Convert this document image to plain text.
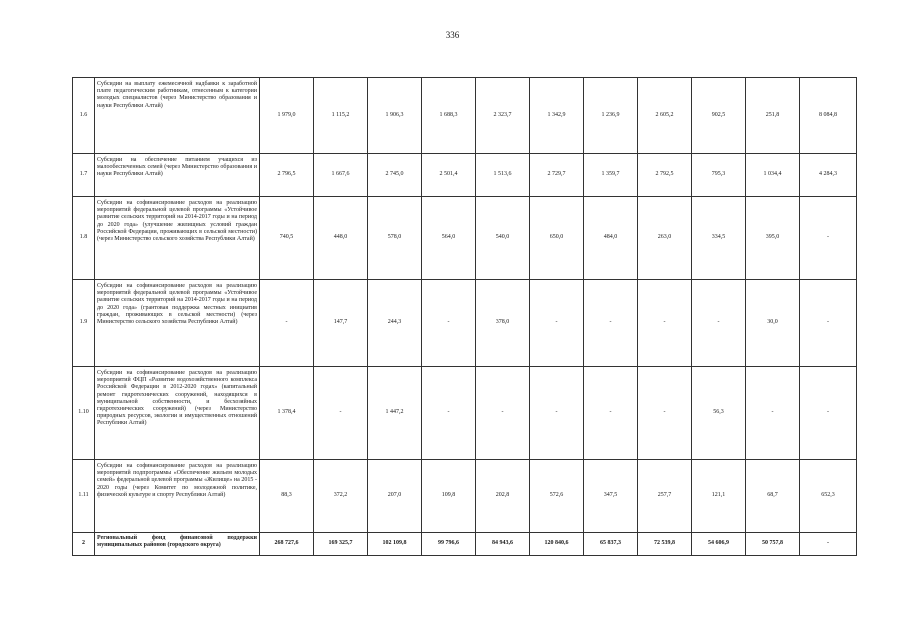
336
1.6	Субсидии на выплату ежемесячной надбавки к заработной плате педагогическим работникам, отнесенным к категории молодых специалистов (через Министерство образования и науки Республики Алтай)	1 979,0	1 115,2	1 906,3	1 688,3	2 323,7	1 342,9	1 236,9	2 605,2	902,5	251,8	8 084,8
1.7	Субсидии на обеспечение питанием учащихся из малообеспеченных семей (через Министерство образования и науки Республики Алтай)	2 796,5	1 667,6	2 745,0	2 501,4	1 513,6	2 729,7	1 359,7	2 792,5	795,3	1 034,4	4 284,3
1.8	Субсидии на софинансирование расходов на реализацию мероприятий федеральной целевой программы «Устойчивое развитие сельских территорий на 2014-2017 годы и на период до 2020 года» (улучшение жилищных условий граждан Российской Федерации, проживающих в сельской местности) (через Министерство сельского хозяйства Республики Алтай)	740,5	448,0	578,0	564,0	540,0	650,0	484,0	263,0	334,5	395,0	-
1.9	Субсидии на софинансирование расходов на реализацию мероприятий федеральной целевой программы «Устойчивое развитие сельских территорий на 2014-2017 годы и на период до 2020 года» (грантовая поддержка местных инициатив граждан, проживающих в сельской местности) (через Министерство сельского хозяйства Республики Алтай)	-	147,7	244,3	-	378,0	-	-	-	-	30,0	-
1.10	Субсидии на софинансирование расходов на реализацию мероприятий ФЦП «Развитие водохозяйственного комплекса Российской Федерации в 2012-2020 годах» (капитальный ремонт гидротехнических сооружений, находящихся в муниципальной собственности, и бесхозяйных гидротехнических сооружений) (через Министерство природных ресурсов, экологии и имущественных отношений Республики Алтай)	1 378,4	-	1 447,2	-	-	-	-	-	56,3	-	-
1.11	Субсидии на софинансирование расходов на реализацию мероприятий подпрограммы «Обеспечение жильем молодых семей» федеральной целевой программы «Жилище» на 2015 - 2020 годы (через Комитет по молодежной политике, физической культуре и спорту Республики Алтай)	88,3	372,2	207,0	109,8	202,8	572,6	347,5	257,7	121,1	68,7	652,3
2	Региональный фонд финансовой поддержки муниципальных районов (городского округа)	268 727,6	169 325,7	102 109,8	99 796,6	84 943,6	120 840,6	65 837,3	72 539,8	54 606,9	50 757,8	-
